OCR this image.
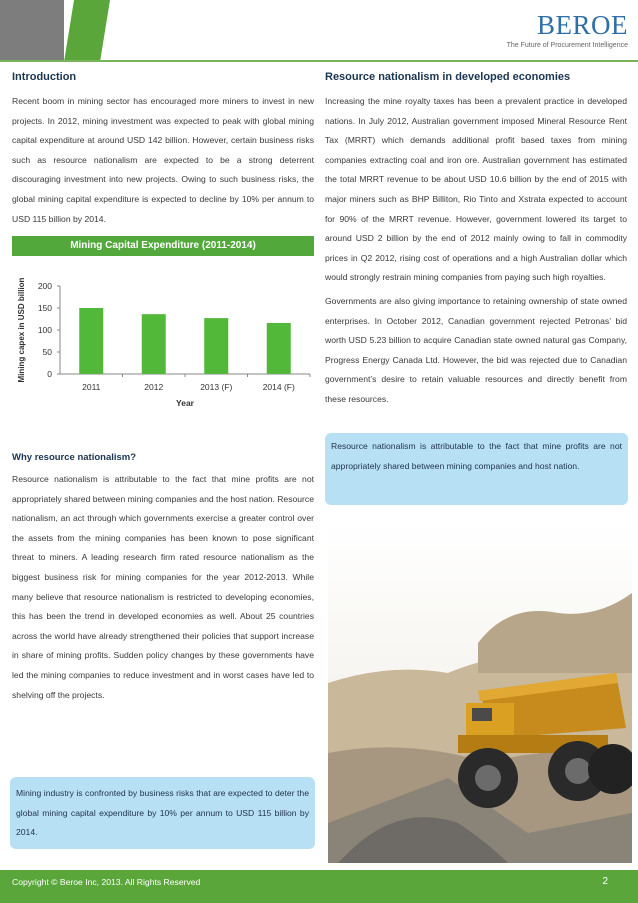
BEROE
The Future of Procurement Intelligence
Introduction

Recent boom in mining sector has encouraged more miners to invest in new projects. In 2012, mining investment was expected to peak with global mining capital expenditure at around USD 142 billion. However, certain business risks such as resource nationalism are expected to be a strong deterrent discouraging investment into new projects. Owing to such business risks, the global mining capital expenditure is expected to decline by 10% per annum to USD 115 billion by 2014.

Mining Capital Expenditure (2011-2014)
0
50
100
150
200
2011	2012	2013 (F)	2014 (F)
Year
Mining capex in USD billion
Why resource nationalism?

Resource nationalism is attributable to the fact that mine profits are not appropriately shared between mining companies and the host nation. Resource nationalism, an act through which governments exercise a greater control over the assets from the mining companies has been known to pose significant threat to miners. A leading research firm rated resource nationalism as the biggest business risk for mining companies for the year 2012-2013. While many believe that resource nationalism is restricted to developing economies, this has been the trend in developed economies as well. About 25 countries across the world have already strengthened their policies that support increase in share of mining profits. Sudden policy changes by these governments have led the mining companies to reduce investment and in worst cases have led to shelving off the projects.

Mining industry is confronted by business risks that are expected to deter the global mining capital expenditure by 10% per annum to USD 115 billion by 2014.
Resource nationalism in developed economies

Increasing the mine royalty taxes has been a prevalent practice in developed nations. In July 2012, Australian government imposed Mineral Resource Rent Tax (MRRT) which demands additional profit based taxes from mining companies extracting coal and iron ore. Australian government has estimated the total MRRT revenue to be about USD 10.6 billion by the end of 2015 with major miners such as BHP Billiton, Rio Tinto and Xstrata expected to account for 90% of the MRRT revenue. However, government lowered its target to around USD 2 billion by the end of 2012 mainly owing to fall in commodity prices in Q2 2012, rising cost of operations and a high Australian dollar which would strongly restrain mining companies from paying such high royalties.

Governments are also giving importance to retaining ownership of state owned enterprises. In October 2012, Canadian government rejected Petronas’ bid worth USD 5.23 billion to acquire Canadian state owned natural gas Company, Progress Energy Canada Ltd. However, the bid was rejected due to Canadian government’s desire to retain valuable resources and directly benefit from these resources.

Resource nationalism is attributable to the fact that mine profits are not appropriately shared between mining companies and host nation.
Copyright © Beroe Inc, 2013. All Rights Reserved	2
